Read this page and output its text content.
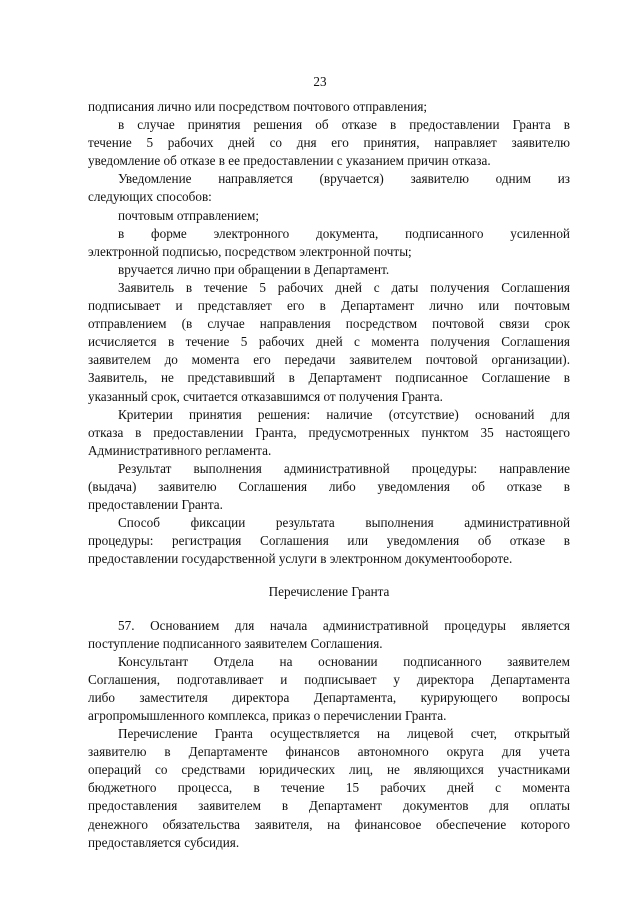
23
подписания лично или посредством почтового отправления;
в случае принятия решения об отказе в предоставлении Гранта в
течение 5 рабочих дней со дня его принятия, направляет заявителю
уведомление об отказе в ее предоставлении с указанием причин отказа.
Уведомление направляется (вручается) заявителю одним из
следующих способов:
почтовым отправлением;
в форме электронного документа, подписанного усиленной
электронной подписью, посредством электронной почты;
вручается лично при обращении в Департамент.
Заявитель в течение 5 рабочих дней с даты получения Соглашения
подписывает и представляет его в Департамент лично или почтовым
отправлением (в случае направления посредством почтовой связи срок
исчисляется в течение 5 рабочих дней с момента получения Соглашения
заявителем до момента его передачи заявителем почтовой организации).
Заявитель, не представивший в Департамент подписанное Соглашение в
указанный срок, считается отказавшимся от получения Гранта.
Критерии принятия решения: наличие (отсутствие) оснований для
отказа в предоставлении Гранта, предусмотренных пунктом 35 настоящего
Административного регламента.
Результат выполнения административной процедуры: направление
(выдача) заявителю Соглашения либо уведомления об отказе в
предоставлении Гранта.
Способ фиксации результата выполнения административной
процедуры: регистрация Соглашения или уведомления об отказе в
предоставлении государственной услуги в электронном документообороте.
Перечисление Гранта
57. Основанием для начала административной процедуры является
поступление подписанного заявителем Соглашения.
Консультант Отдела на основании подписанного заявителем
Соглашения, подготавливает и подписывает у директора Департамента
либо заместителя директора Департамента, курирующего вопросы
агропромышленного комплекса, приказ о перечислении Гранта.
Перечисление Гранта осуществляется на лицевой счет, открытый
заявителю в Департаменте финансов автономного округа для учета
операций со средствами юридических лиц, не являющихся участниками
бюджетного процесса, в течение 15 рабочих дней с момента
предоставления заявителем в Департамент документов для оплаты
денежного обязательства заявителя, на финансовое обеспечение которого
предоставляется субсидия.
